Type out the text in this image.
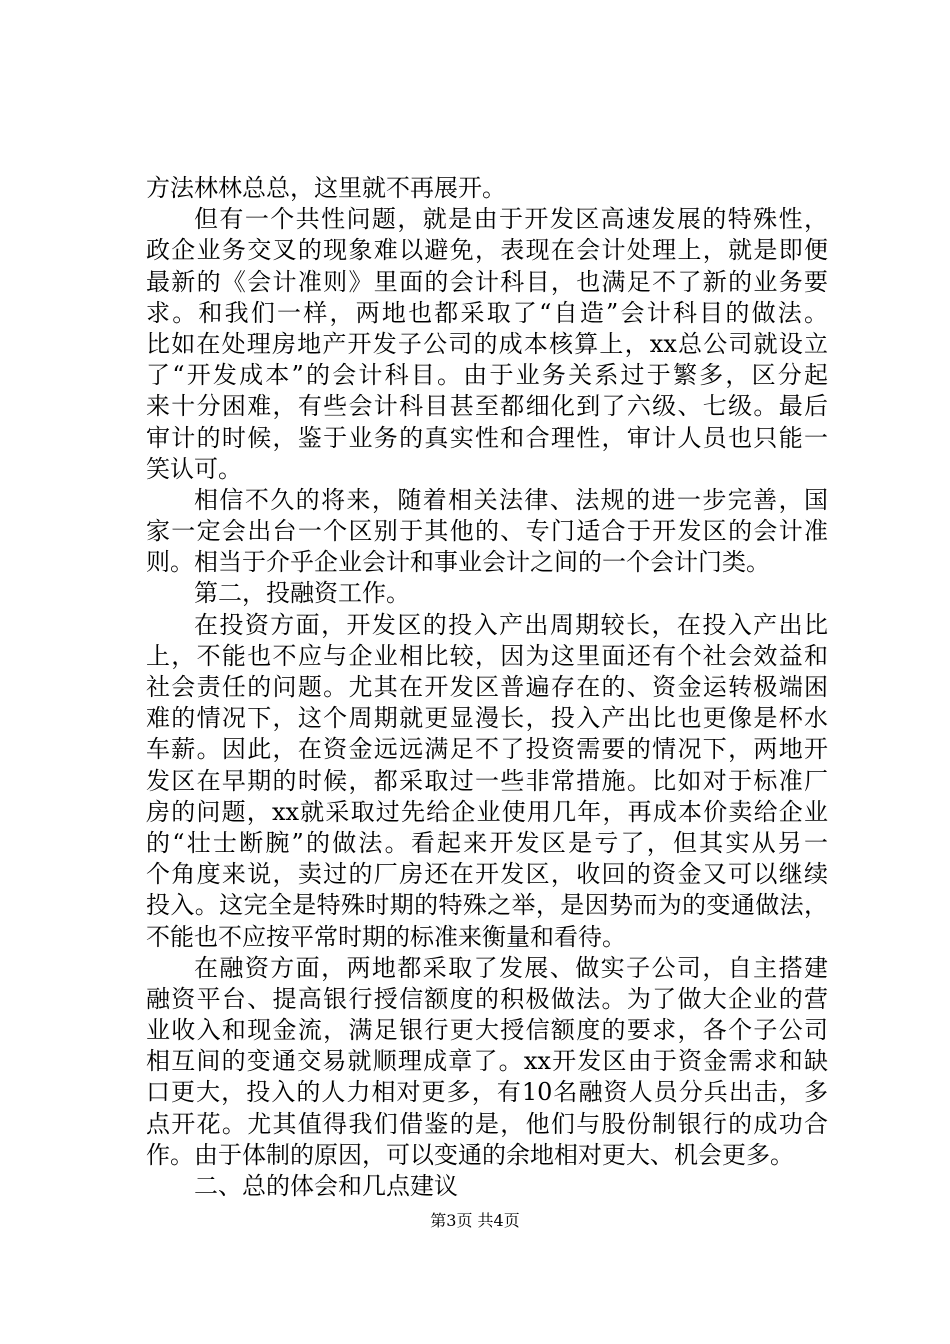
方法林林总总，这里就不再展开。
但有一个共性问题，就是由于开发区高速发展的特殊性，
政企业务交叉的现象难以避免，表现在会计处理上，就是即便
最新的《会计准则》里面的会计科目，也满足不了新的业务要
求。和我们一样，两地也都采取了“自造”会计科目的做法。
比如在处理房地产开发子公司的成本核算上，xx总公司就设立
了“开发成本”的会计科目。由于业务关系过于繁多，区分起
来十分困难，有些会计科目甚至都细化到了六级、七级。最后
审计的时候，鉴于业务的真实性和合理性，审计人员也只能一
笑认可。
相信不久的将来，随着相关法律、法规的进一步完善，国
家一定会出台一个区别于其他的、专门适合于开发区的会计准
则。相当于介乎企业会计和事业会计之间的一个会计门类。
第二，投融资工作。
在投资方面，开发区的投入产出周期较长，在投入产出比
上，不能也不应与企业相比较，因为这里面还有个社会效益和
社会责任的问题。尤其在开发区普遍存在的、资金运转极端困
难的情况下，这个周期就更显漫长，投入产出比也更像是杯水
车薪。因此，在资金远远满足不了投资需要的情况下，两地开
发区在早期的时候，都采取过一些非常措施。比如对于标准厂
房的问题，xx就采取过先给企业使用几年，再成本价卖给企业
的“壮士断腕”的做法。看起来开发区是亏了，但其实从另一
个角度来说，卖过的厂房还在开发区，收回的资金又可以继续
投入。这完全是特殊时期的特殊之举，是因势而为的变通做法，
不能也不应按平常时期的标准来衡量和看待。
在融资方面，两地都采取了发展、做实子公司，自主搭建
融资平台、提高银行授信额度的积极做法。为了做大企业的营
业收入和现金流，满足银行更大授信额度的要求，各个子公司
相互间的变通交易就顺理成章了。xx开发区由于资金需求和缺
口更大，投入的人力相对更多，有10名融资人员分兵出击，多
点开花。尤其值得我们借鉴的是，他们与股份制银行的成功合
作。由于体制的原因，可以变通的余地相对更大、机会更多。
二、总的体会和几点建议
第3页 共4页
